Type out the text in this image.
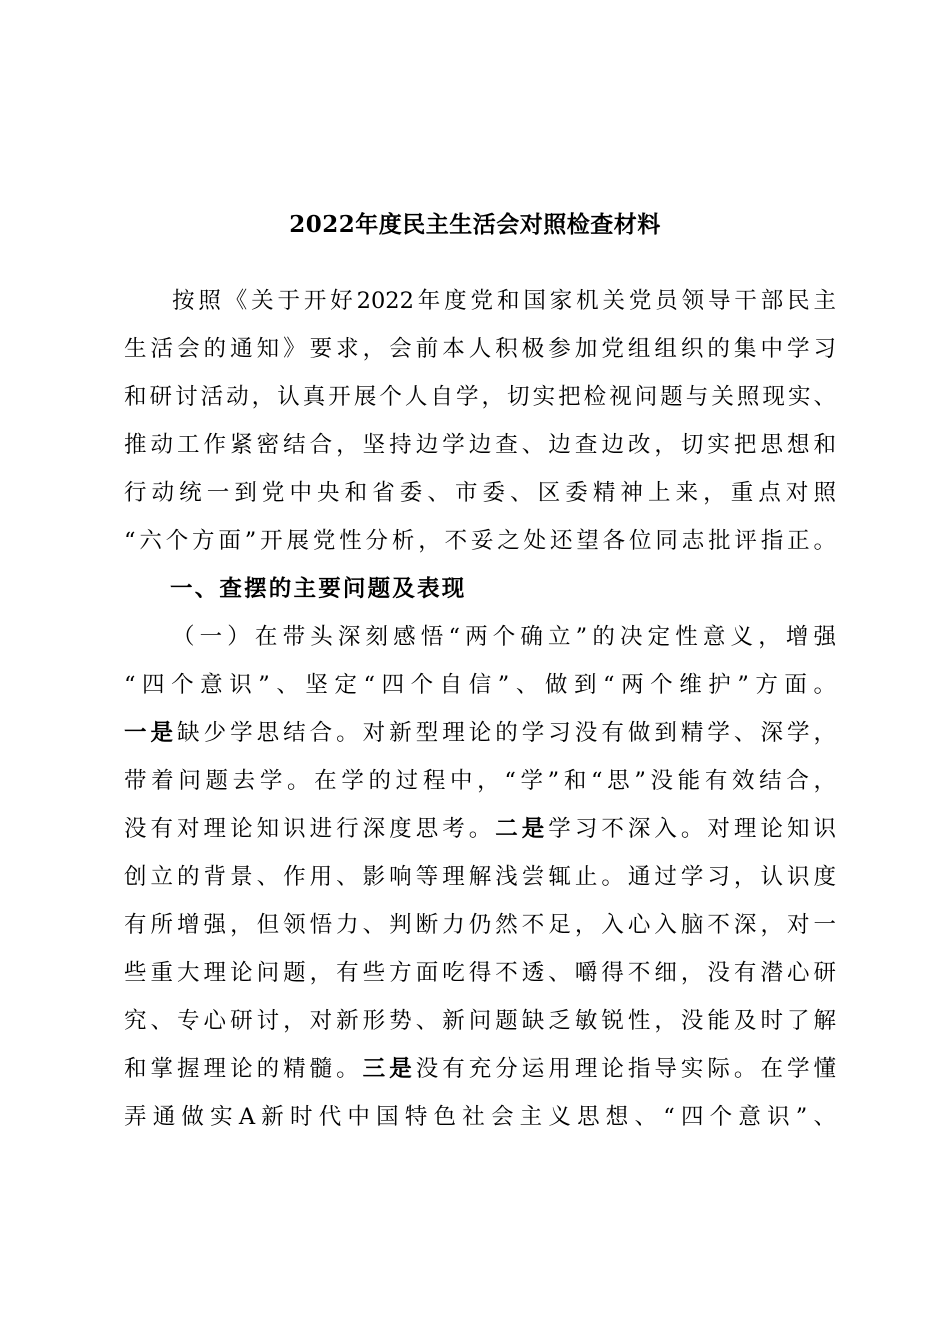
2022年度民主生活会对照检查材料
按照《关于开好2022年度党和国家机关党员领导干部民主
生活会的通知》要求，会前本人积极参加党组组织的集中学习
和研讨活动，认真开展个人自学，切实把检视问题与关照现实、
推动工作紧密结合，坚持边学边查、边查边改，切实把思想和
行动统一到党中央和省委、市委、区委精神上来，重点对照
“六个方面”开展党性分析，不妥之处还望各位同志批评指正。
一、查摆的主要问题及表现
（一）在带头深刻感悟“两个确立”的决定性意义，增强
“四个意识”、坚定“四个自信”、做到“两个维护”方面。
一是缺少学思结合。对新型理论的学习没有做到精学、深学，
带着问题去学。在学的过程中，“学”和“思”没能有效结合，
没有对理论知识进行深度思考。二是学习不深入。对理论知识
创立的背景、作用、影响等理解浅尝辄止。通过学习，认识度
有所增强，但领悟力、判断力仍然不足，入心入脑不深，对一
些重大理论问题，有些方面吃得不透、嚼得不细，没有潜心研
究、专心研讨，对新形势、新问题缺乏敏锐性，没能及时了解
和掌握理论的精髓。三是没有充分运用理论指导实际。在学懂
弄通做实A新时代中国特色社会主义思想、“四个意识”、
